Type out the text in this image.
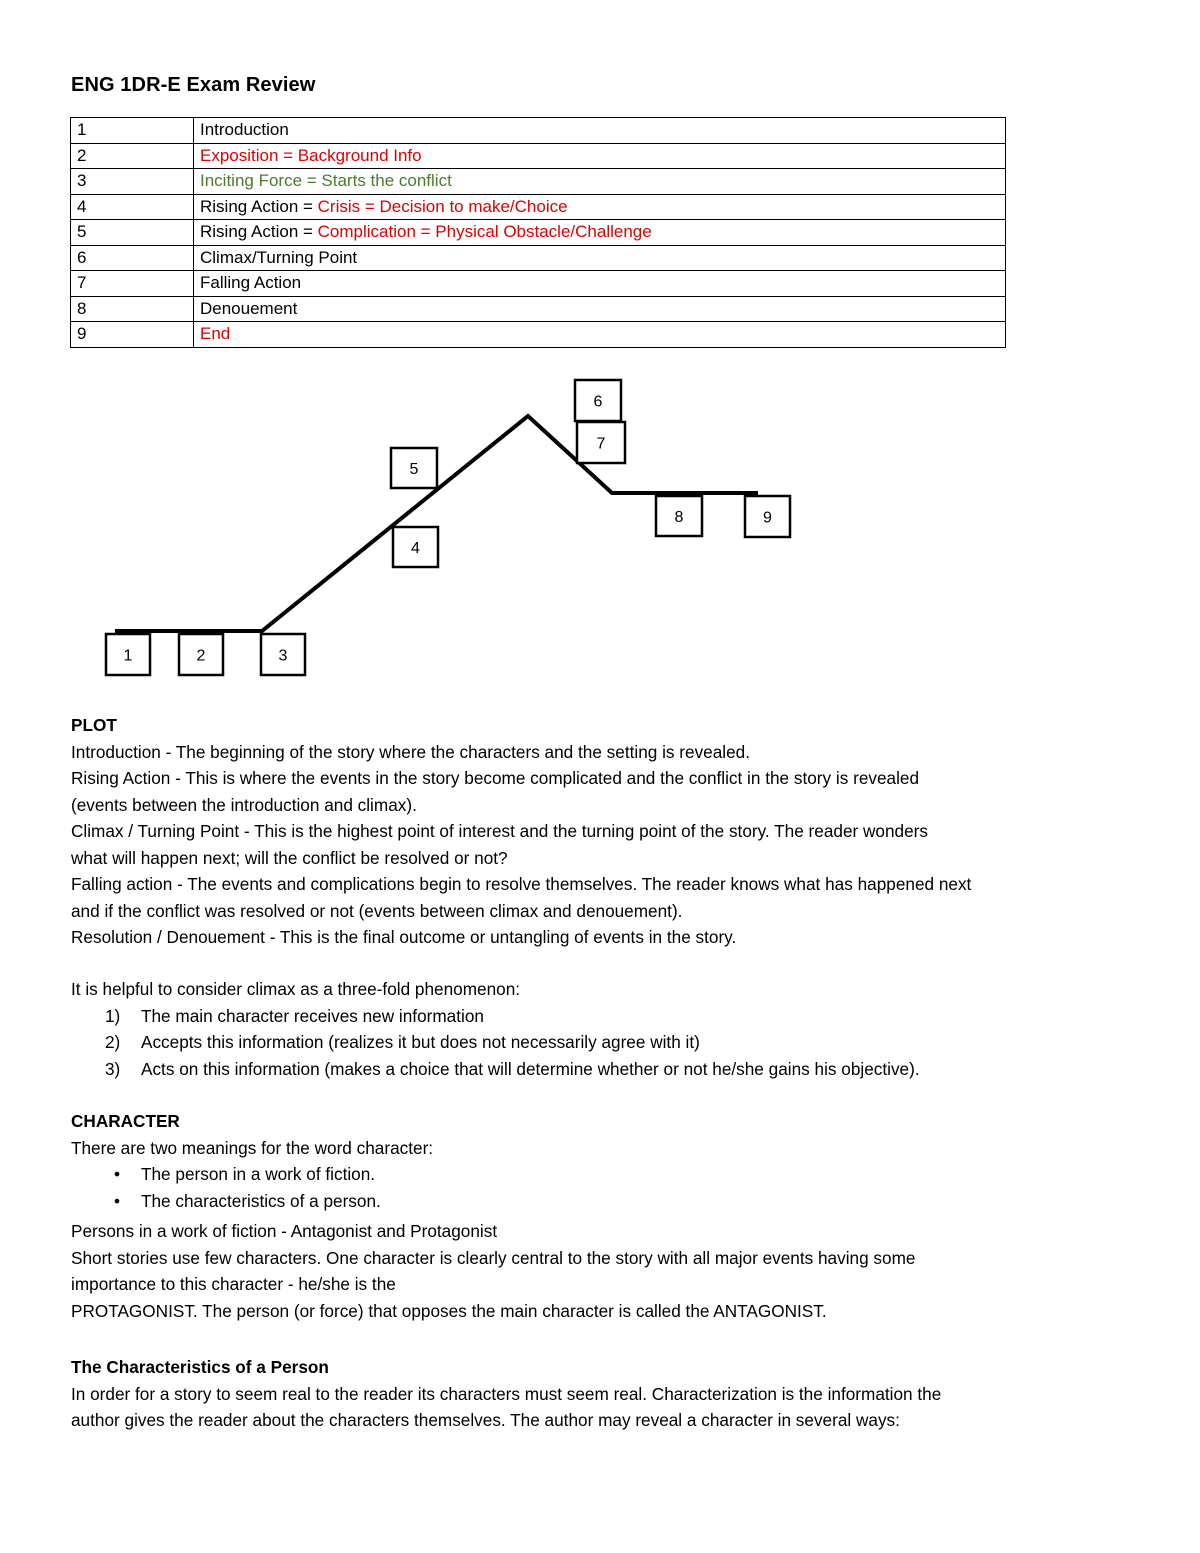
ENG 1DR-E Exam Review
1	Introduction
2	Exposition = Background Info
3	Inciting Force = Starts the conflict
4	Rising Action = Crisis = Decision to make/Choice
5	Rising Action = Complication = Physical Obstacle/Challenge
6	Climax/Turning Point
7	Falling Action
8	Denouement
9	End
1	2	3
4
5
6
7
8	9

PLOT

Introduction - The beginning of the story where the characters and the setting is revealed.

Rising Action - This is where the events in the story become complicated and the conflict in the story is revealed

(events between the introduction and climax).

Climax / Turning Point - This is the highest point of interest and the turning point of the story. The reader wonders

what will happen next; will the conflict be resolved or not?

Falling action - The events and complications begin to resolve themselves. The reader knows what has happened next

and if the conflict was resolved or not (events between climax and denouement).

Resolution / Denouement - This is the final outcome or untangling of events in the story.

It is helpful to consider climax as a three-fold phenomenon:

1) The main character receives new information
2) Accepts this information (realizes it but does not necessarily agree with it)
3) Acts on this information (makes a choice that will determine whether or not he/she gains his objective).

CHARACTER

There are two meanings for the word character:

• The person in a work of fiction.
• The characteristics of a person.

Persons in a work of fiction - Antagonist and Protagonist

Short stories use few characters. One character is clearly central to the story with all major events having some

importance to this character - he/she is the

PROTAGONIST. The person (or force) that opposes the main character is called the ANTAGONIST.

The Characteristics of a Person

In order for a story to seem real to the reader its characters must seem real. Characterization is the information the

author gives the reader about the characters themselves. The author may reveal a character in several ways:
